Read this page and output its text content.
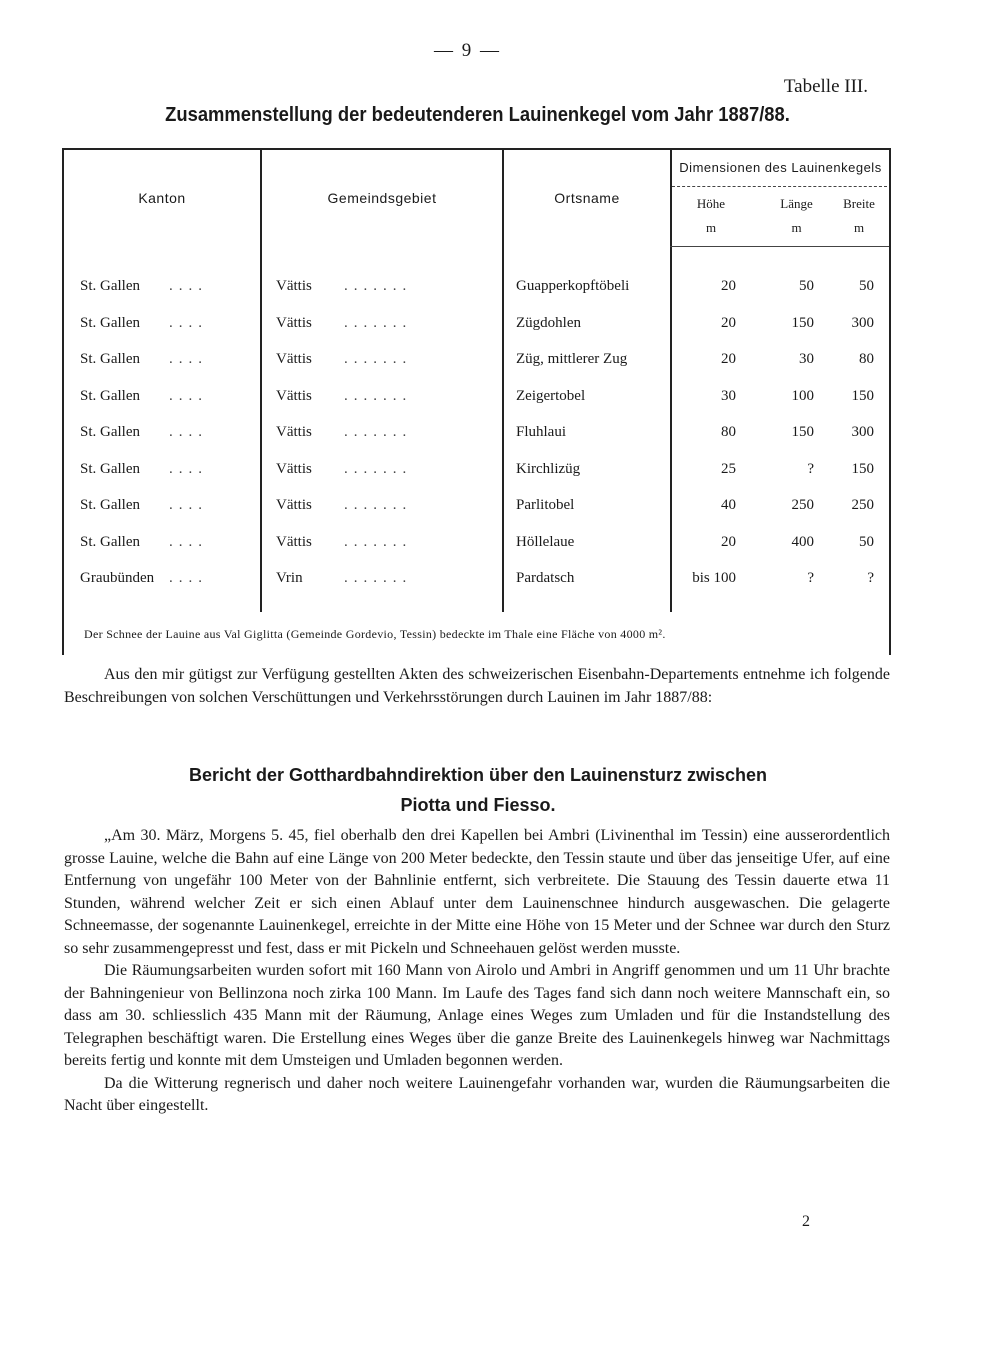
— 9 —
Tabelle III.
Zusammenstellung der bedeutenderen Lauinenkegel vom Jahr 1887/88.
Kanton	Gemeindsgebiet	Ortsname
Dimensionen des Lauinenkegels
Höhe
m
Länge
m
Breite
m
St. Gallen	Vättis	Guapperkopftöbeli	20	50	50
....	.......
St. Gallen	Vättis	Zügdohlen	20	150	300
....	.......
St. Gallen	Vättis	Züg, mittlerer Zug	20	30	80
....	.......
St. Gallen	Vättis	Zeigertobel	30	100	150
....	.......
St. Gallen	Vättis	Fluhlaui	80	150	300
....	.......
St. Gallen	Vättis	Kirchlizüg	25	?	150
....	.......
St. Gallen	Vättis	Parlitobel	40	250	250
....	.......
St. Gallen	Vättis	Höllelaue	20	400	50
....	.......
Graubünden	Vrin	Pardatsch	bis 100	?	?
....	.......
Der Schnee der Lauine aus Val Giglitta (Gemeinde Gordevio, Tessin) bedeckte im Thale eine Fläche von 4000 m².

Aus den mir gütigst zur Verfügung gestellten Akten des schweizerischen Eisenbahn-Departements entnehme ich folgende Beschreibungen von solchen Verschüttungen und Verkehrsstörungen durch Lauinen im Jahr 1887/88:

Bericht der Gotthardbahndirektion über den Lauinensturz zwischen
Piotta und Fiesso.

„Am 30. März, Morgens 5. 45, fiel oberhalb den drei Kapellen bei Ambri (Livinenthal im Tessin) eine ausserordentlich grosse Lauine, welche die Bahn auf eine Länge von 200 Meter bedeckte, den Tessin staute und über das jenseitige Ufer, auf eine Entfernung von ungefähr 100 Meter von der Bahnlinie entfernt, sich verbreitete. Die Stauung des Tessin dauerte etwa 11 Stunden, während welcher Zeit er sich einen Ablauf unter dem Lauinenschnee hindurch ausgewaschen. Die gelagerte Schneemasse, der sogenannte Lauinenkegel, erreichte in der Mitte eine Höhe von 15 Meter und der Schnee war durch den Sturz so sehr zusammengepresst und fest, dass er mit Pickeln und Schneehauen gelöst werden musste.

Die Räumungsarbeiten wurden sofort mit 160 Mann von Airolo und Ambri in Angriff genommen und um 11 Uhr brachte der Bahningenieur von Bellinzona noch zirka 100 Mann. Im Laufe des Tages fand sich dann noch weitere Mannschaft ein, so dass am 30. schliesslich 435 Mann mit der Räumung, Anlage eines Weges zum Umladen und für die Instandstellung des Telegraphen beschäftigt waren. Die Erstellung eines Weges über die ganze Breite des Lauinenkegels hinweg war Nachmittags bereits fertig und konnte mit dem Umsteigen und Umladen begonnen werden.

Da die Witterung regnerisch und daher noch weitere Lauinengefahr vorhanden war, wurden die Räumungsarbeiten die Nacht über eingestellt.

2
